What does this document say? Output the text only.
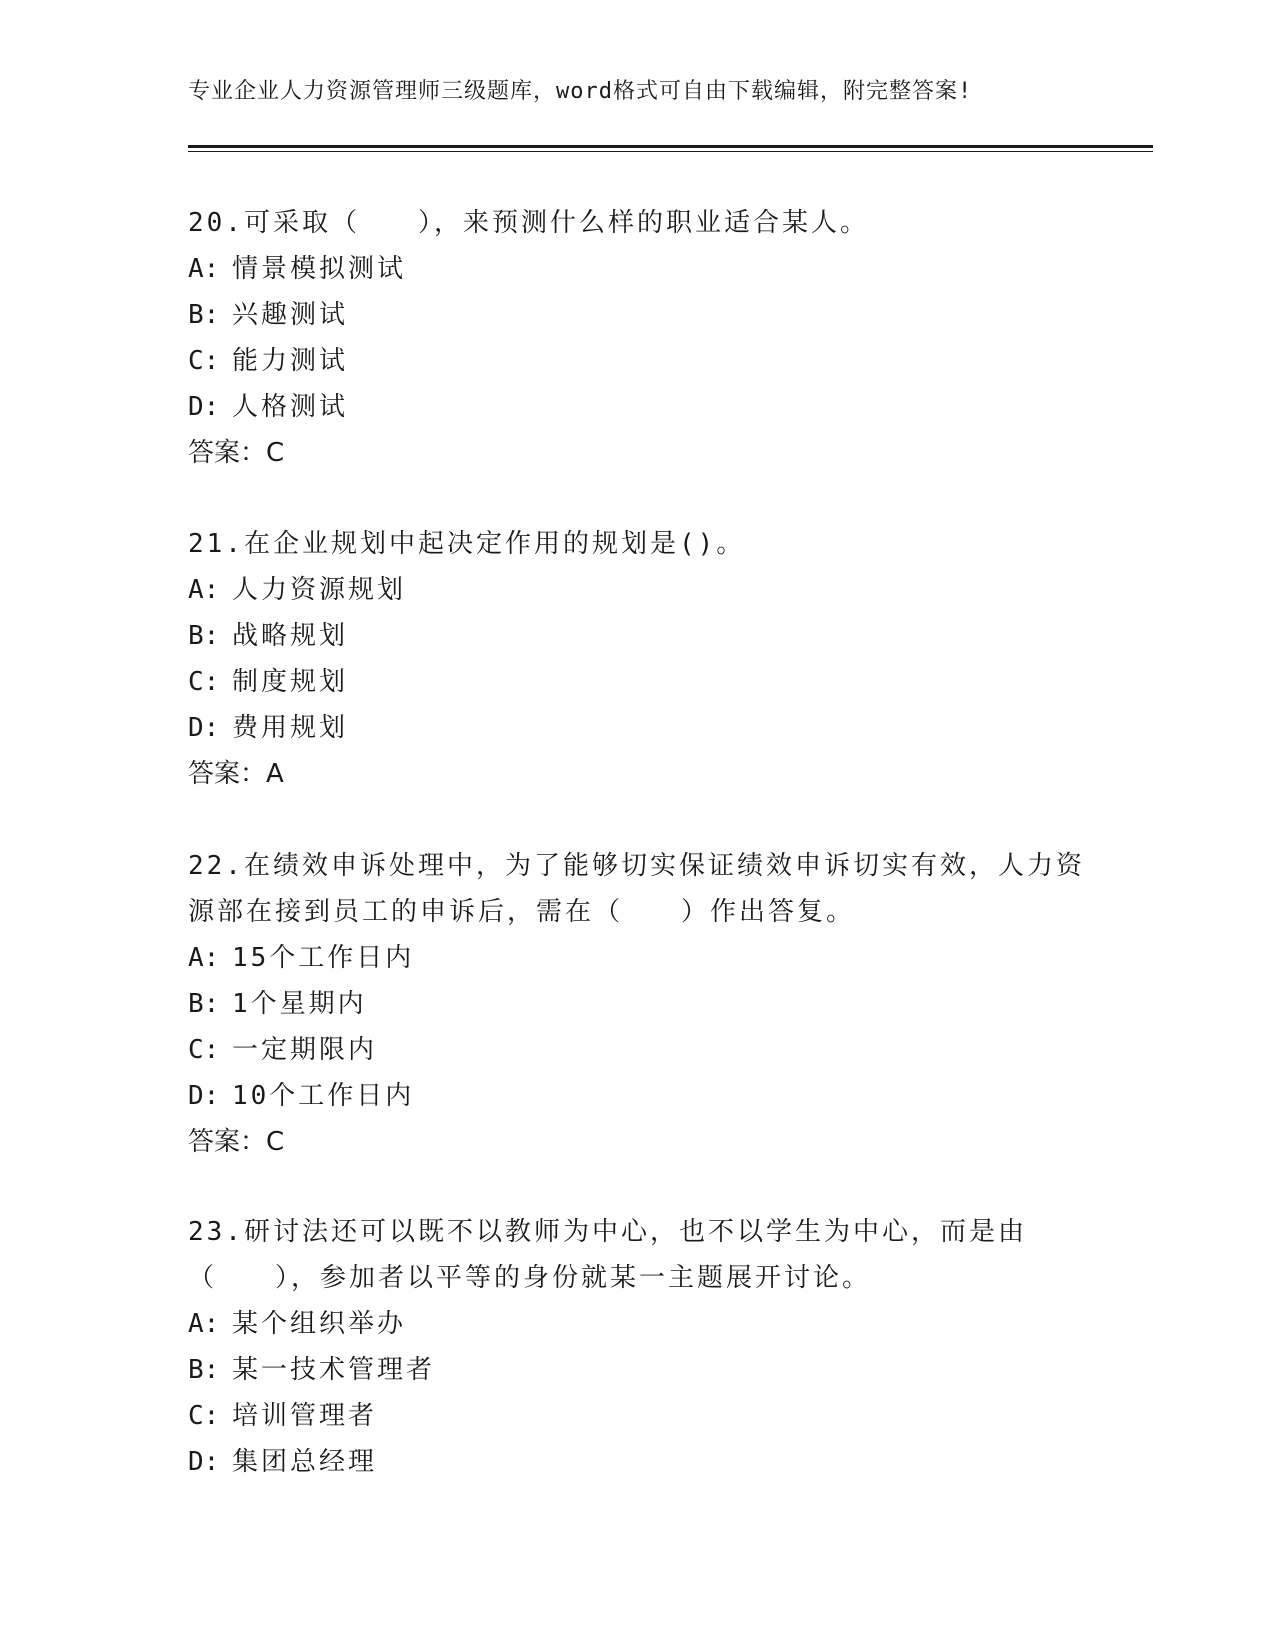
专业企业人力资源管理师三级题库，word格式可自由下载编辑，附完整答案!

20.可采取（　　），来预测什么样的职业适合某人。

A: 情景模拟测试
B: 兴趣测试
C: 能力测试
D: 人格测试
答案：C

21.在企业规划中起决定作用的规划是()。

A: 人力资源规划
B: 战略规划
C: 制度规划
D: 费用规划
答案：A

22.在绩效申诉处理中，为了能够切实保证绩效申诉切实有效，人力资源部在接到员工的申诉后，需在（　　）作出答复。

A: 15个工作日内
B: 1个星期内
C: 一定期限内
D: 10个工作日内
答案：C

23.研讨法还可以既不以教师为中心，也不以学生为中心，而是由（　　），参加者以平等的身份就某一主题展开讨论。

A: 某个组织举办
B: 某一技术管理者
C: 培训管理者
D: 集团总经理
